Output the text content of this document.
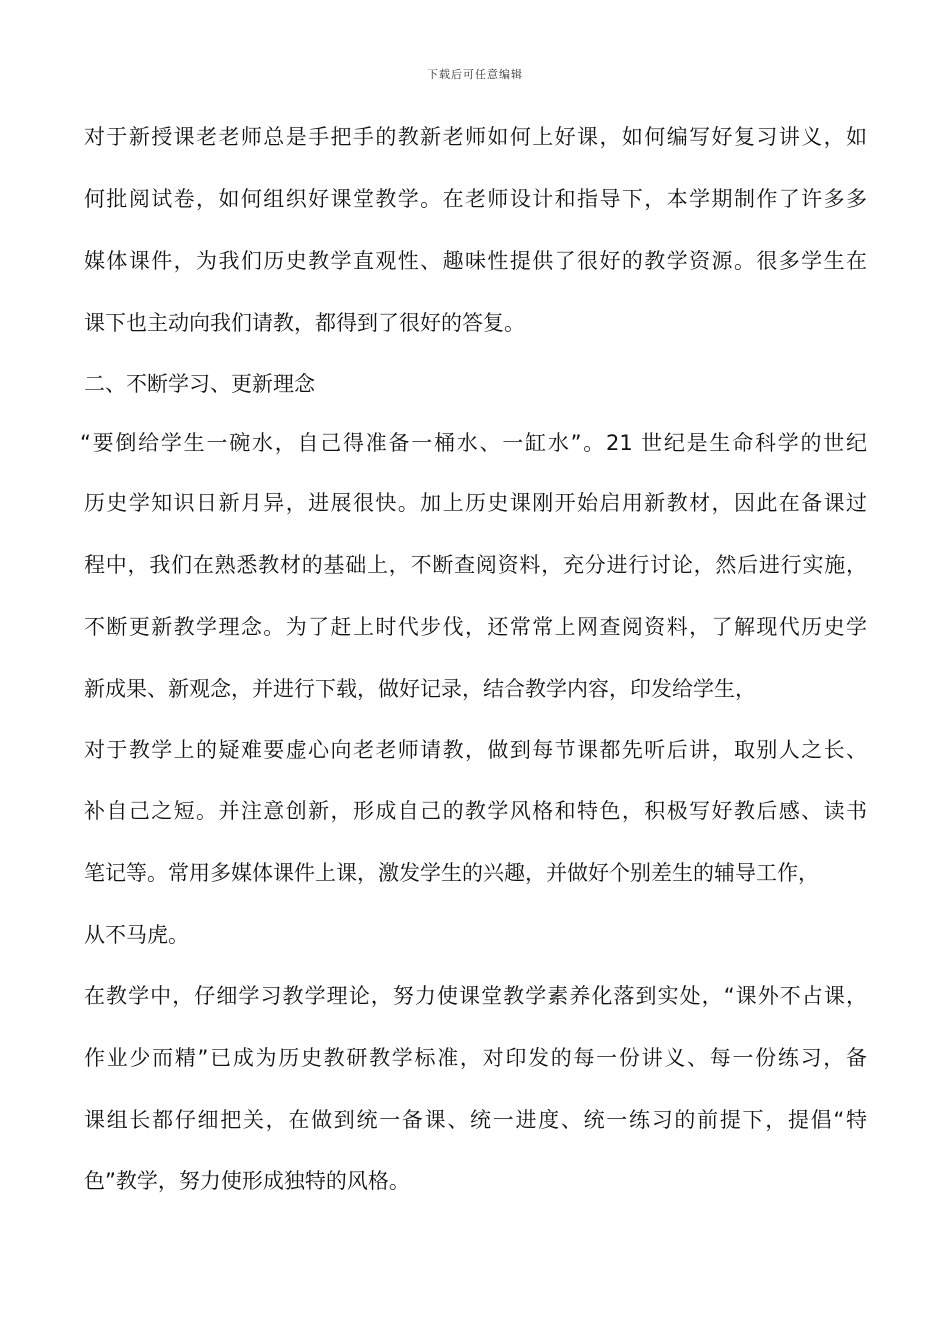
下载后可任意编辑
对于新授课老老师总是手把手的教新老师如何上好课，如何编写好复习讲义，如
何批阅试卷，如何组织好课堂教学。在老师设计和指导下，本学期制作了许多多
媒体课件，为我们历史教学直观性、趣味性提供了很好的教学资源。很多学生在
课下也主动向我们请教，都得到了很好的答复。
二、不断学习、更新理念
“要倒给学生一碗水，自己得准备一桶水、一缸水”。21 世纪是生命科学的世纪
历史学知识日新月异，进展很快。加上历史课刚开始启用新教材，因此在备课过
程中，我们在熟悉教材的基础上，不断查阅资料，充分进行讨论，然后进行实施，
不断更新教学理念。为了赶上时代步伐，还常常上网查阅资料，了解现代历史学
新成果、新观念，并进行下载，做好记录，结合教学内容，印发给学生，
对于教学上的疑难要虚心向老老师请教，做到每节课都先听后讲，取别人之长、
补自己之短。并注意创新，形成自己的教学风格和特色，积极写好教后感、读书
笔记等。常用多媒体课件上课，激发学生的兴趣，并做好个别差生的辅导工作，
从不马虎。
在教学中，仔细学习教学理论，努力使课堂教学素养化落到实处，“课外不占课，
作业少而精”已成为历史教研教学标准，对印发的每一份讲义、每一份练习，备
课组长都仔细把关，在做到统一备课、统一进度、统一练习的前提下，提倡“特
色”教学，努力使形成独特的风格。
